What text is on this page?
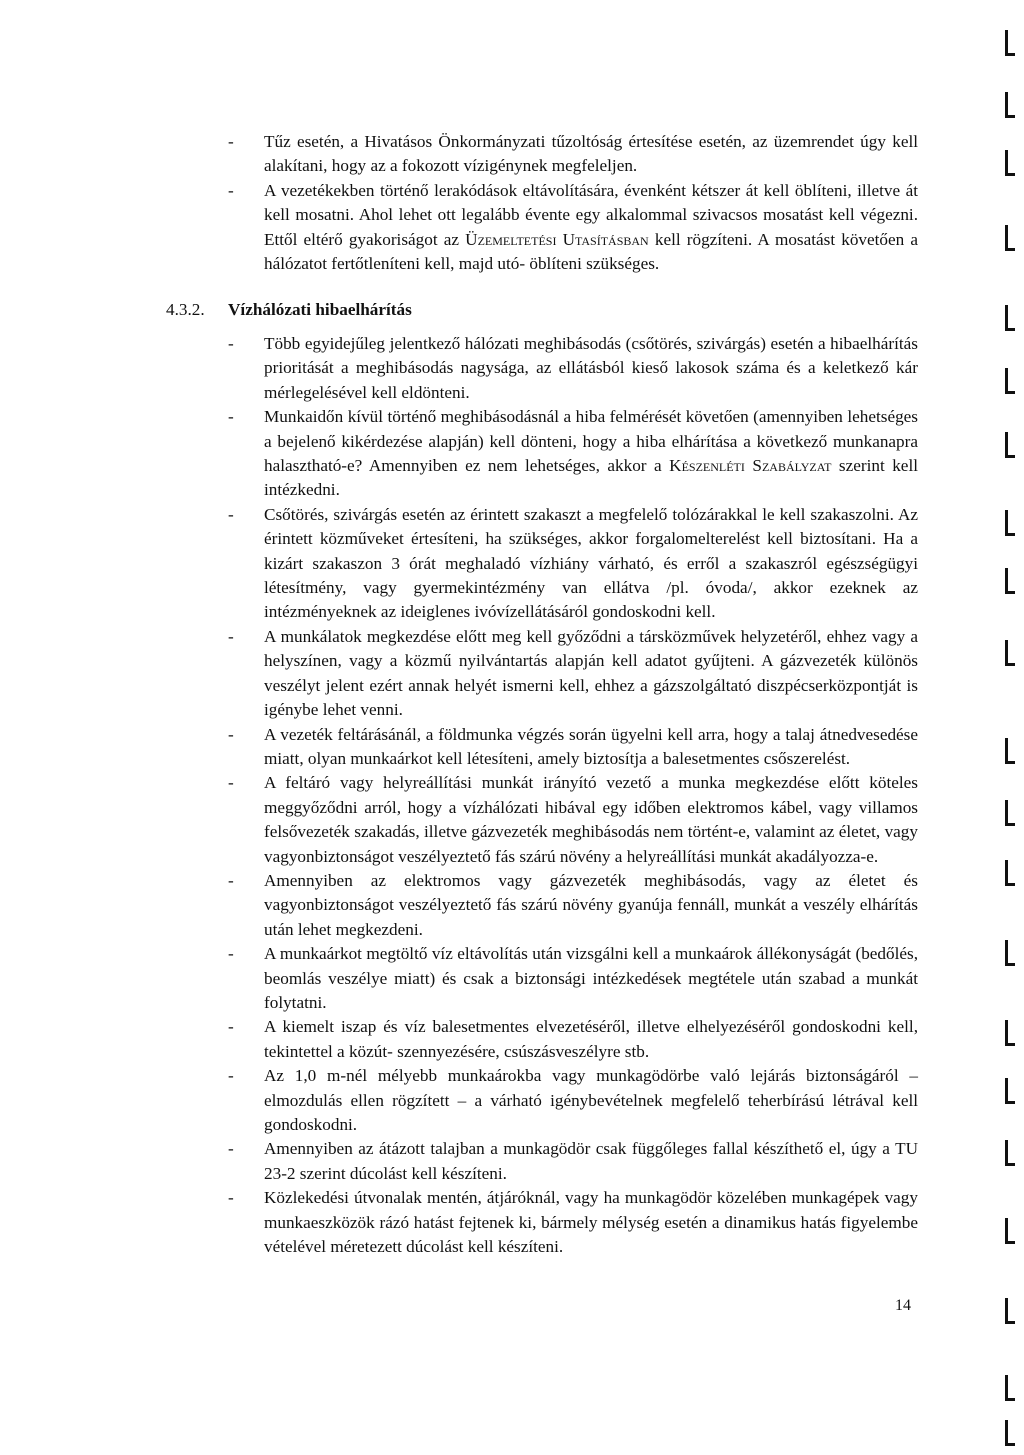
- Tűz esetén, a Hivatásos Önkormányzati tűzoltóság értesítése esetén, az üzemrendet úgy kell alakítani, hogy az a fokozott vízigénynek megfeleljen.
- A vezetékekben történő lerakódások eltávolítására, évenként kétszer át kell öblíteni, illetve át kell mosatni. Ahol lehet ott legalább évente egy alkalommal szivacsos mosatást kell végezni. Ettől eltérő gyakoriságot az Üzemeltetési Utasításban kell rögzíteni. A mosatást követően a hálózatot fertőtleníteni kell, majd utó- öblíteni szükséges.
4.3.2. Vízhálózati hibaelhárítás
- Több egyidejűleg jelentkező hálózati meghibásodás (csőtörés, szivárgás) esetén a hibaelhárítás prioritását a meghibásodás nagysága, az ellátásból kieső lakosok száma és a keletkező kár mérlegelésével kell eldönteni.
- Munkaidőn kívül történő meghibásodásnál a hiba felmérését követően (amennyiben lehetséges a bejelenő kikérdezése alapján) kell dönteni, hogy a hiba elhárítása a következő munkanapra halasztható-e? Amennyiben ez nem lehetséges, akkor a Készenléti Szabályzat szerint kell intézkedni.
- Csőtörés, szivárgás esetén az érintett szakaszt a megfelelő tolózárakkal le kell szakaszolni. Az érintett közműveket értesíteni, ha szükséges, akkor forgalomelterelést kell biztosítani. Ha a kizárt szakaszon 3 órát meghaladó vízhiány várható, és erről a szakaszról egészségügyi létesítmény, vagy gyermekintézmény van ellátva /pl. óvoda/, akkor ezeknek az intézményeknek az ideiglenes ivóvízellátásáról gondoskodni kell.
- A munkálatok megkezdése előtt meg kell győződni a társközművek helyzetéről, ehhez vagy a helyszínen, vagy a közmű nyilvántartás alapján kell adatot gyűjteni. A gázvezeték különös veszélyt jelent ezért annak helyét ismerni kell, ehhez a gázszolgáltató diszpécserközpontját is igénybe lehet venni.
- A vezeték feltárásánál, a földmunka végzés során ügyelni kell arra, hogy a talaj átnedvesedése miatt, olyan munkaárkot kell létesíteni, amely biztosítja a balesetmentes csőszerelést.
- A feltáró vagy helyreállítási munkát irányító vezető a munka megkezdése előtt köteles meggyőződni arról, hogy a vízhálózati hibával egy időben elektromos kábel, vagy villamos felsővezeték szakadás, illetve gázvezeték meghibásodás nem történt-e, valamint az életet, vagy vagyonbiztonságot veszélyeztető fás szárú növény a helyreállítási munkát akadályozza-e.
- Amennyiben az elektromos vagy gázvezeték meghibásodás, vagy az életet és vagyonbiztonságot veszélyeztető fás szárú növény gyanúja fennáll, munkát a veszély elhárítás után lehet megkezdeni.
- A munkaárkot megtöltő víz eltávolítás után vizsgálni kell a munkaárok állékonyságát (bedőlés, beomlás veszélye miatt) és csak a biztonsági intézkedések megtétele után szabad a munkát folytatni.
- A kiemelt iszap és víz balesetmentes elvezetéséről, illetve elhelyezéséről gondoskodni kell, tekintettel a közút- szennyezésére, csúszásveszélyre stb.
- Az 1,0 m-nél mélyebb munkaárokba vagy munkagödörbe való lejárás biztonságáról – elmozdulás ellen rögzített – a várható igénybevételnek megfelelő teherbírású létrával kell gondoskodni.
- Amennyiben az átázott talajban a munkagödör csak függőleges fallal készíthető el, úgy a TU 23-2 szerint dúcolást kell készíteni.
- Közlekedési útvonalak mentén, átjáróknál, vagy ha munkagödör közelében munkagépek vagy munkaeszközök rázó hatást fejtenek ki, bármely mélység esetén a dinamikus hatás figyelembe vételével méretezett dúcolást kell készíteni.
14
